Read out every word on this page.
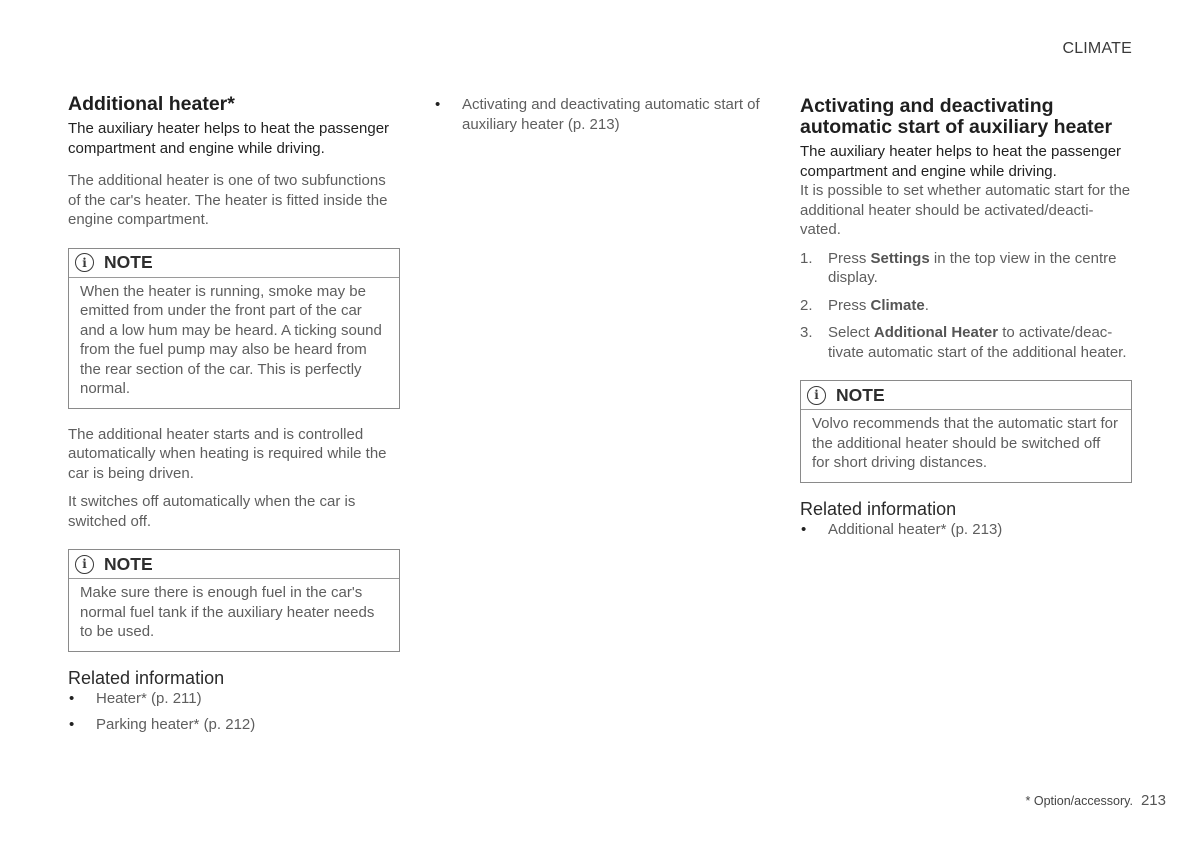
CLIMATE
Additional heater*
The auxiliary heater helps to heat the passenger compartment and engine while driving.

The additional heater is one of two subfunctions of the car's heater. The heater is fitted inside the engine compartment.

i NOTE
When the heater is running, smoke may be emitted from under the front part of the car and a low hum may be heard. A ticking sound from the fuel pump may also be heard from the rear section of the car. This is perfectly normal.

The additional heater starts and is controlled automatically when heating is required while the car is being driven.

It switches off automatically when the car is switched off.

i NOTE
Make sure there is enough fuel in the car's normal fuel tank if the auxiliary heater needs to be used.
Related information
• Heater* (p. 211)
• Parking heater* (p. 212)
• Activating and deactivating automatic start of auxiliary heater (p. 213)
Activating and deactivating automatic start of auxiliary heater
The auxiliary heater helps to heat the passenger compartment and engine while driving.

It is possible to set whether automatic start for the additional heater should be activated/deacti-vated.

1. Press Settings in the top view in the centre display.
2. Press Climate.
3. Select Additional Heater to activate/deac-tivate automatic start of the additional heater.
i NOTE
Volvo recommends that the automatic start for the additional heater should be switched off for short driving distances.
Related information
• Additional heater* (p. 213)
* Option/accessory. 213
